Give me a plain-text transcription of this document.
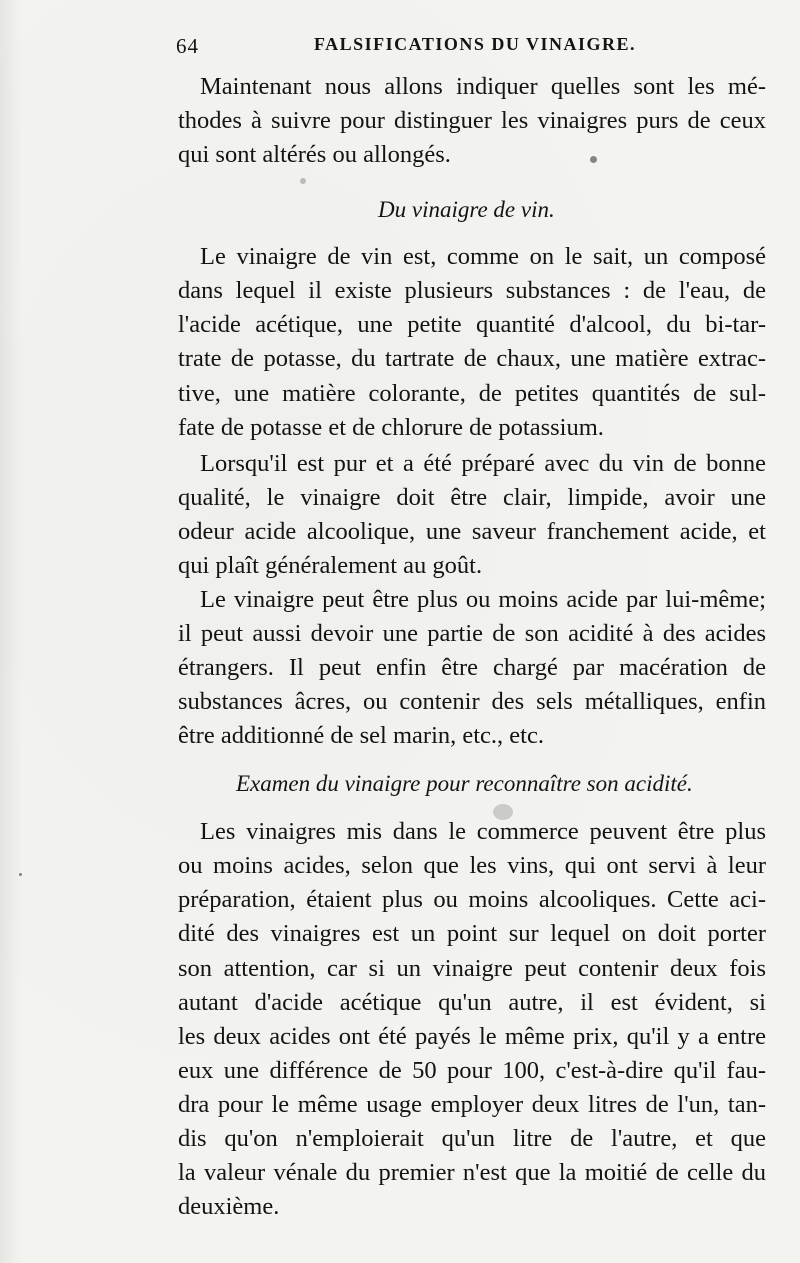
64	FALSIFICATIONS DU VINAIGRE.
Maintenant nous allons indiquer quelles sont les mé-
thodes à suivre pour distinguer les vinaigres purs de ceux
qui sont altérés ou allongés.
Du vinaigre de vin.
Le vinaigre de vin est, comme on le sait, un composé
dans lequel il existe plusieurs substances : de l'eau, de
l'acide acétique, une petite quantité d'alcool, du bi-tar-
trate de potasse, du tartrate de chaux, une matière extrac-
tive, une matière colorante, de petites quantités de sul-
fate de potasse et de chlorure de potassium.
Lorsqu'il est pur et a été préparé avec du vin de bonne
qualité, le vinaigre doit être clair, limpide, avoir une
odeur acide alcoolique, une saveur franchement acide, et
qui plaît généralement au goût.
Le vinaigre peut être plus ou moins acide par lui-même;
il peut aussi devoir une partie de son acidité à des acides
étrangers. Il peut enfin être chargé par macération de
substances âcres, ou contenir des sels métalliques, enfin
être additionné de sel marin, etc., etc.
Examen du vinaigre pour reconnaître son acidité.
Les vinaigres mis dans le commerce peuvent être plus
ou moins acides, selon que les vins, qui ont servi à leur
préparation, étaient plus ou moins alcooliques. Cette aci-
dité des vinaigres est un point sur lequel on doit porter
son attention, car si un vinaigre peut contenir deux fois
autant d'acide acétique qu'un autre, il est évident, si
les deux acides ont été payés le même prix, qu'il y a entre
eux une différence de 50 pour 100, c'est-à-dire qu'il fau-
dra pour le même usage employer deux litres de l'un, tan-
dis qu'on n'emploierait qu'un litre de l'autre, et que
la valeur vénale du premier n'est que la moitié de celle du
deuxième.
